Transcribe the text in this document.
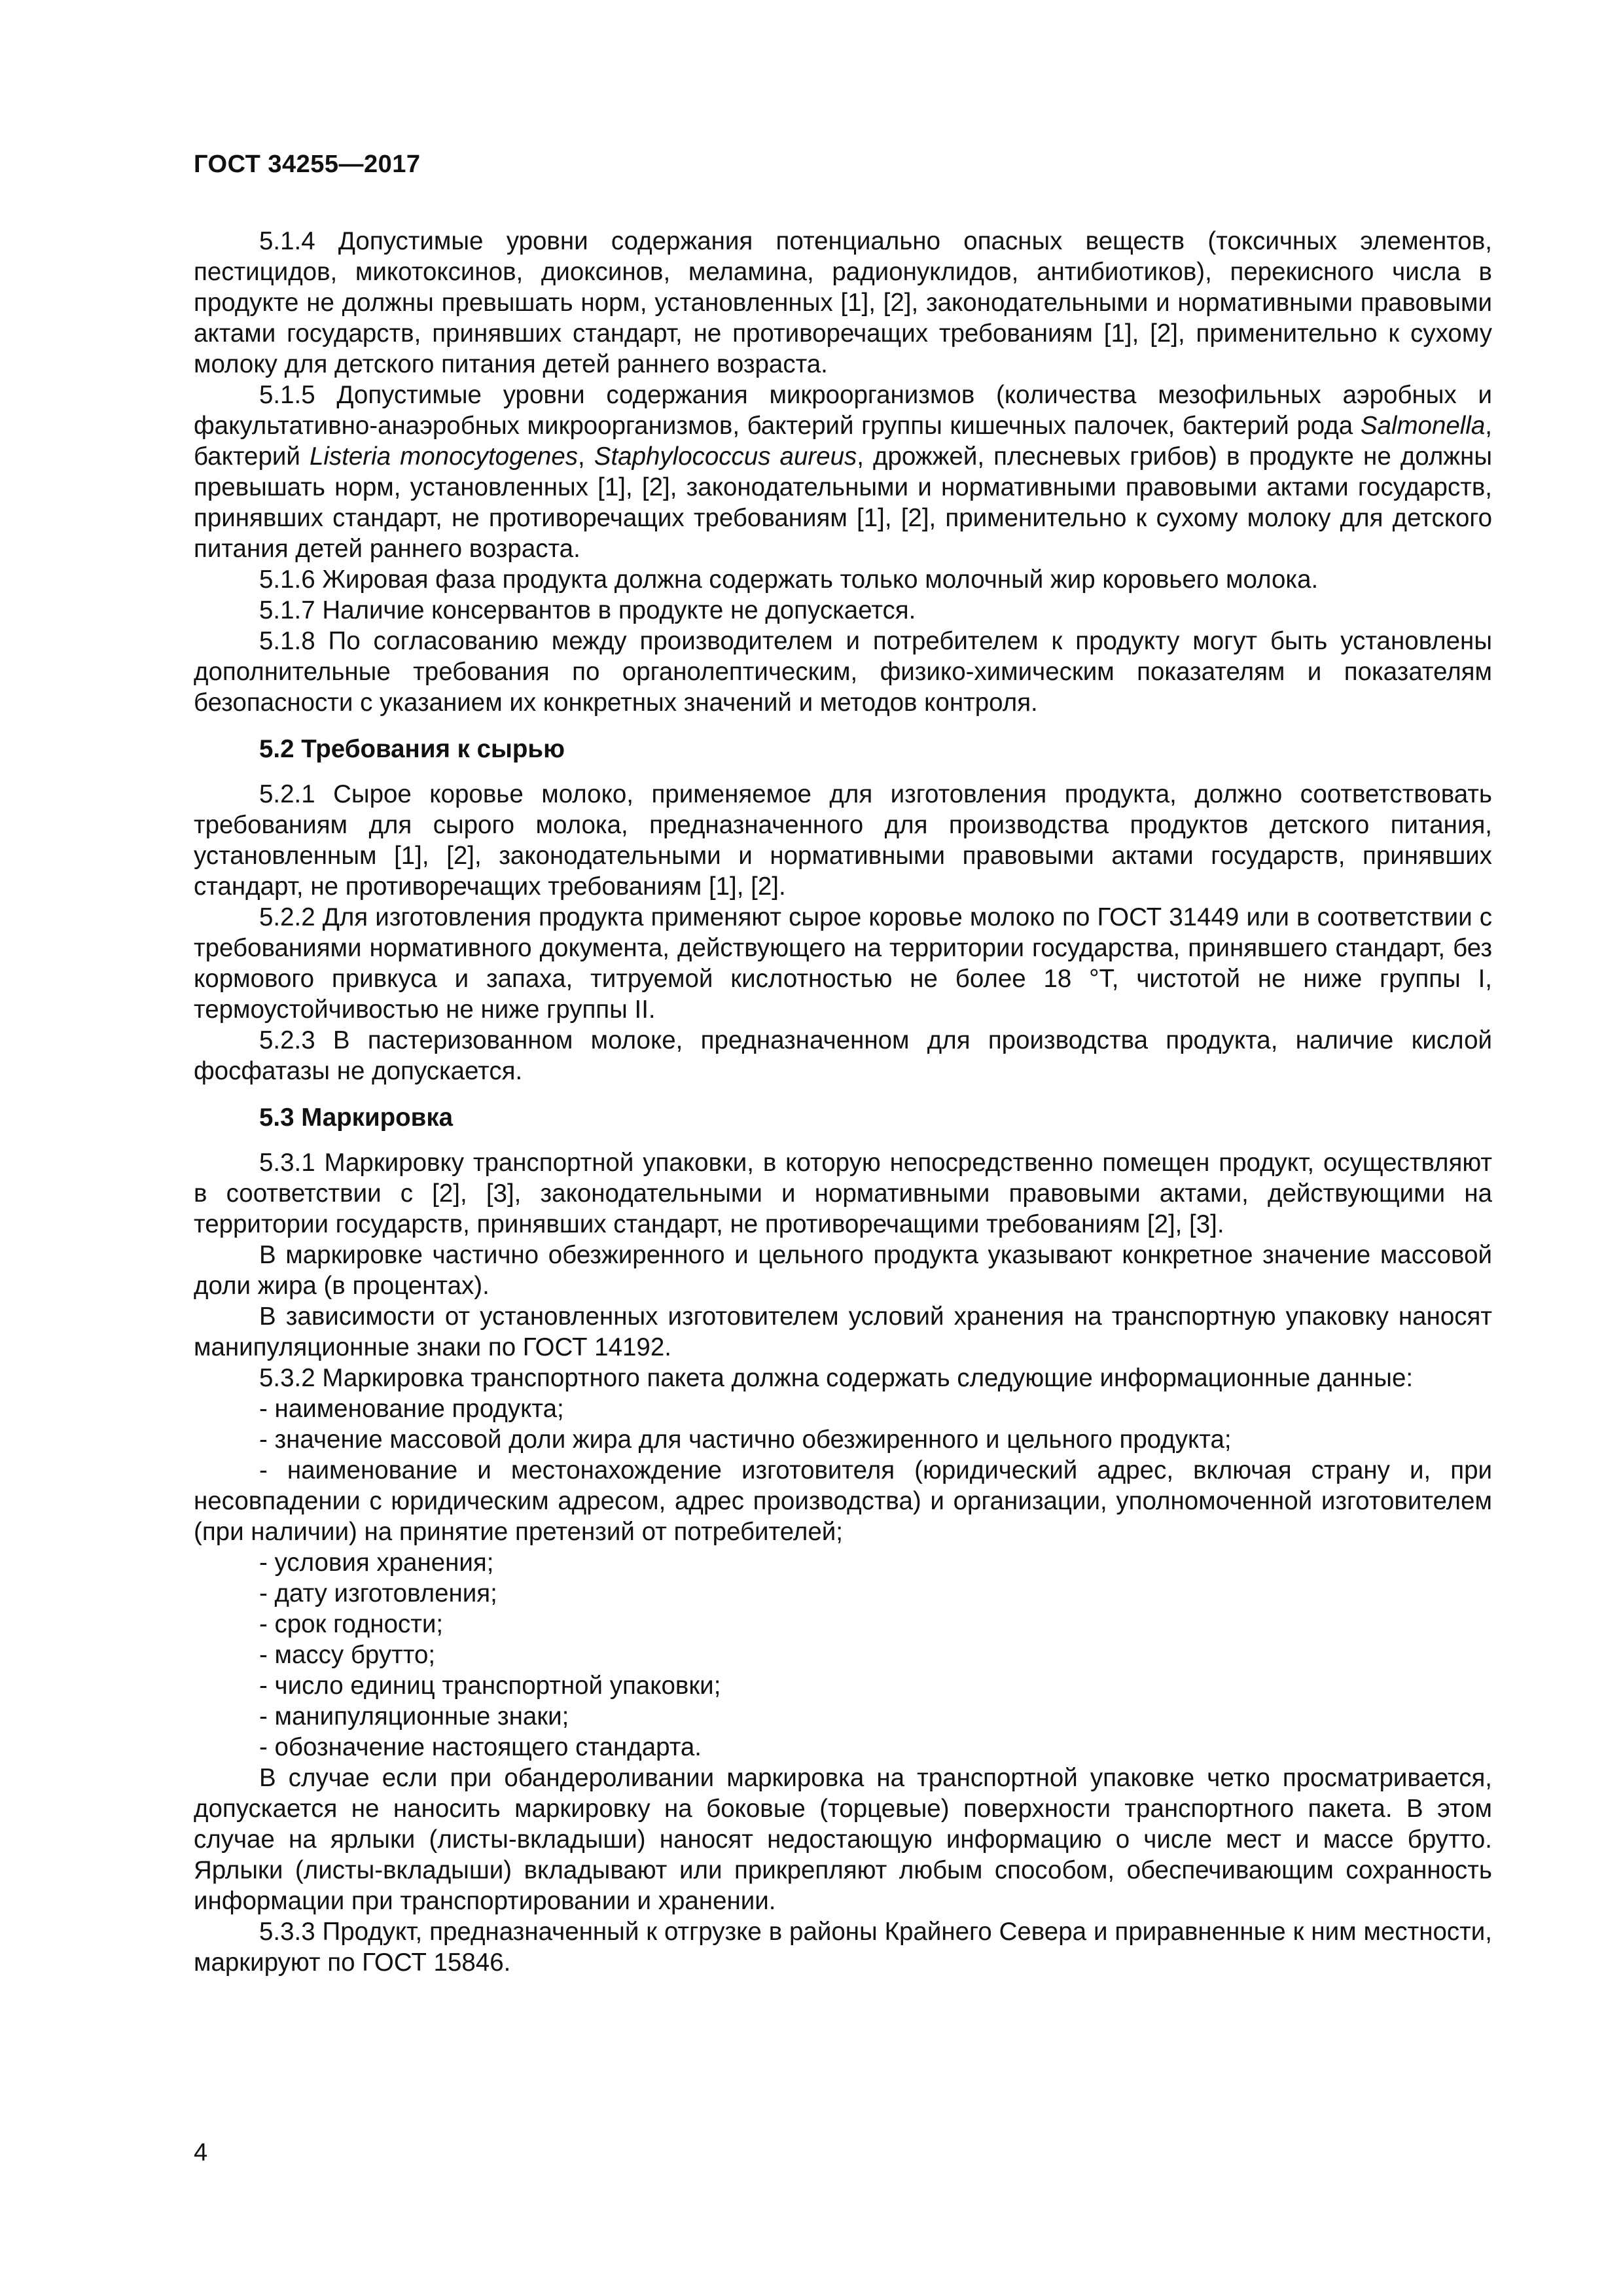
ГОСТ 34255—2017

5.1.4 Допустимые уровни содержания потенциально опасных веществ (токсичных элементов, пестицидов, микотоксинов, диоксинов, меламина, радионуклидов, антибиотиков), перекисного числа в продукте не должны превышать норм, установленных [1], [2], законодательными и нормативными правовыми актами государств, принявших стандарт, не противоречащих требованиям [1], [2], применительно к сухому молоку для детского питания детей раннего возраста.

5.1.5 Допустимые уровни содержания микроорганизмов (количества мезофильных аэробных и факультативно-анаэробных микроорганизмов, бактерий группы кишечных палочек, бактерий рода Salmonella, бактерий Listeria monocytogenes, Staphylococcus aureus, дрожжей, плесневых грибов) в продукте не должны превышать норм, установленных [1], [2], законодательными и нормативными правовыми актами государств, принявших стандарт, не противоречащих требованиям [1], [2], применительно к сухому молоку для детского питания детей раннего возраста.

5.1.6 Жировая фаза продукта должна содержать только молочный жир коровьего молока.

5.1.7 Наличие консервантов в продукте не допускается.

5.1.8 По согласованию между производителем и потребителем к продукту могут быть установлены дополнительные требования по органолептическим, физико-химическим показателям и показателям безопасности с указанием их конкретных значений и методов контроля.

5.2 Требования к сырью

5.2.1 Сырое коровье молоко, применяемое для изготовления продукта, должно соответствовать требованиям для сырого молока, предназначенного для производства продуктов детского питания, установленным [1], [2], законодательными и нормативными правовыми актами государств, принявших стандарт, не противоречащих требованиям [1], [2].

5.2.2 Для изготовления продукта применяют сырое коровье молоко по ГОСТ 31449 или в соответствии с требованиями нормативного документа, действующего на территории государства, принявшего стандарт, без кормового привкуса и запаха, титруемой кислотностью не более 18 °Т, чистотой не ниже группы I, термоустойчивостью не ниже группы II.

5.2.3 В пастеризованном молоке, предназначенном для производства продукта, наличие кислой фосфатазы не допускается.

5.3 Маркировка

5.3.1 Маркировку транспортной упаковки, в которую непосредственно помещен продукт, осуществляют в соответствии с [2], [3], законодательными и нормативными правовыми актами, действующими на территории государств, принявших стандарт, не противоречащими требованиям [2], [3].

В маркировке частично обезжиренного и цельного продукта указывают конкретное значение массовой доли жира (в процентах).

В зависимости от установленных изготовителем условий хранения на транспортную упаковку наносят манипуляционные знаки по ГОСТ 14192.

5.3.2 Маркировка транспортного пакета должна содержать следующие информационные данные:

- наименование продукта;

- значение массовой доли жира для частично обезжиренного и цельного продукта;

- наименование и местонахождение изготовителя (юридический адрес, включая страну и, при несовпадении с юридическим адресом, адрес производства) и организации, уполномоченной изготовителем (при наличии) на принятие претензий от потребителей;

- условия хранения;

- дату изготовления;

- срок годности;

- массу брутто;

- число единиц транспортной упаковки;

- манипуляционные знаки;

- обозначение настоящего стандарта.

В случае если при обандероливании маркировка на транспортной упаковке четко просматривается, допускается не наносить маркировку на боковые (торцевые) поверхности транспортного пакета. В этом случае на ярлыки (листы-вкладыши) наносят недостающую информацию о числе мест и массе брутто. Ярлыки (листы-вкладыши) вкладывают или прикрепляют любым способом, обеспечивающим сохранность информации при транспортировании и хранении.

5.3.3 Продукт, предназначенный к отгрузке в районы Крайнего Севера и приравненные к ним местности, маркируют по ГОСТ 15846.

4
